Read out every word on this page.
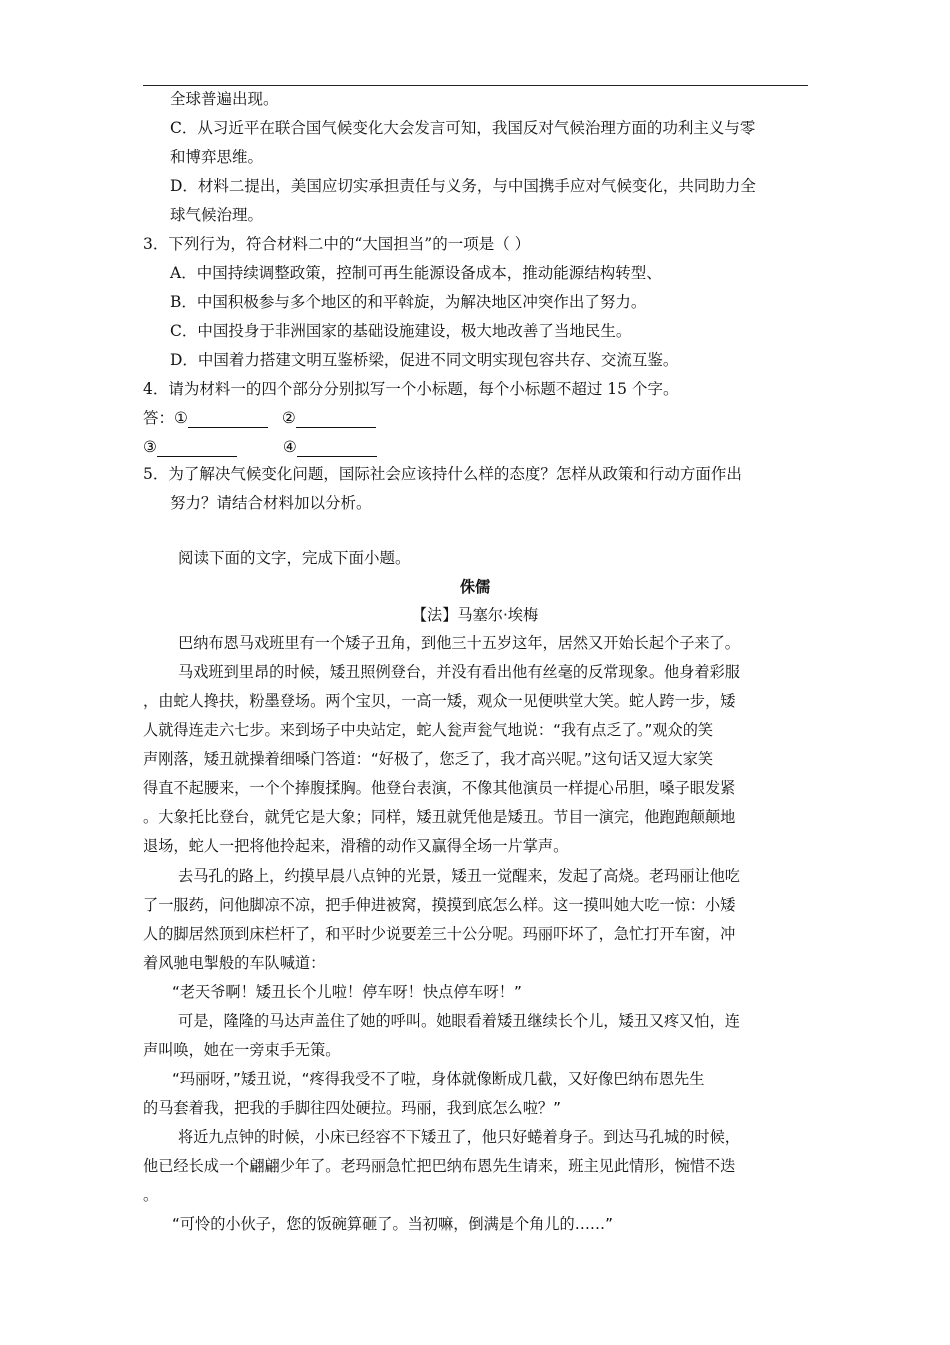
全球普遍出现。
C．从习近平在联合国气候变化大会发言可知，我国反对气候治理方面的功利主义与零
和博弈思维。
D．材料二提出，美国应切实承担责任与义务，与中国携手应对气候变化，共同助力全
球气候治理。
3．下列行为，符合材料二中的“大国担当”的一项是（ ）
A．中国持续调整政策，控制可再生能源设备成本，推动能源结构转型、
B．中国积极参与多个地区的和平斡旋，为解决地区冲突作出了努力。
C．中国投身于非洲国家的基础设施建设，极大地改善了当地民生。
D．中国着力搭建文明互鉴桥梁，促进不同文明实现包容共存、交流互鉴。
4．请为材料一的四个部分分别拟写一个小标题，每个小标题不超过 15 个字。
答： ①	②
③	④
5．为了解决气候变化问题，国际社会应该持什么样的态度？怎样从政策和行动方面作出
努力？请结合材料加以分析。
阅读下面的文字，完成下面小题。
侏儒
【法】马塞尔·埃梅
巴纳布恩马戏班里有一个矮子丑角，到他三十五岁这年，居然又开始长起个子来了。
马戏班到里昂的时候，矮丑照例登台，并没有看出他有丝毫的反常现象。他身着彩服
，由蛇人搀扶，粉墨登场。两个宝贝，一高一矮，观众一见便哄堂大笑。蛇人跨一步，矮
人就得连走六七步。来到场子中央站定，蛇人瓮声瓮气地说：“我有点乏了。”观众的笑
声刚落，矮丑就操着细嗓门答道：“好极了，您乏了，我才高兴呢。”这句话又逗大家笑
得直不起腰来，一个个捧腹揉胸。他登台表演，不像其他演员一样提心吊胆，嗓子眼发紧
。大象托比登台，就凭它是大象；同样，矮丑就凭他是矮丑。节目一演完，他跑跑颠颠地
退场，蛇人一把将他拎起来，滑稽的动作又赢得全场一片掌声。
去马孔的路上，约摸早晨八点钟的光景，矮丑一觉醒来，发起了高烧。老玛丽让他吃
了一服药，问他脚凉不凉，把手伸进被窝，摸摸到底怎么样。这一摸叫她大吃一惊：小矮
人的脚居然顶到床栏杆了，和平时少说要差三十公分呢。玛丽吓坏了，急忙打开车窗，冲
着风驰电掣般的车队喊道：
“老天爷啊！矮丑长个儿啦！停车呀！快点停车呀！”
可是，隆隆的马达声盖住了她的呼叫。她眼看着矮丑继续长个儿，矮丑又疼又怕，连
声叫唤，她在一旁束手无策。
“玛丽呀，”矮丑说，“疼得我受不了啦，身体就像断成几截，又好像巴纳布恩先生
的马套着我，把我的手脚往四处硬拉。玛丽，我到底怎么啦？”
将近九点钟的时候，小床已经容不下矮丑了，他只好蜷着身子。到达马孔城的时候，
他已经长成一个翩翩少年了。老玛丽急忙把巴纳布恩先生请来，班主见此情形，惋惜不迭
。
“可怜的小伙子，您的饭碗算砸了。当初嘛，倒满是个角儿的……”
